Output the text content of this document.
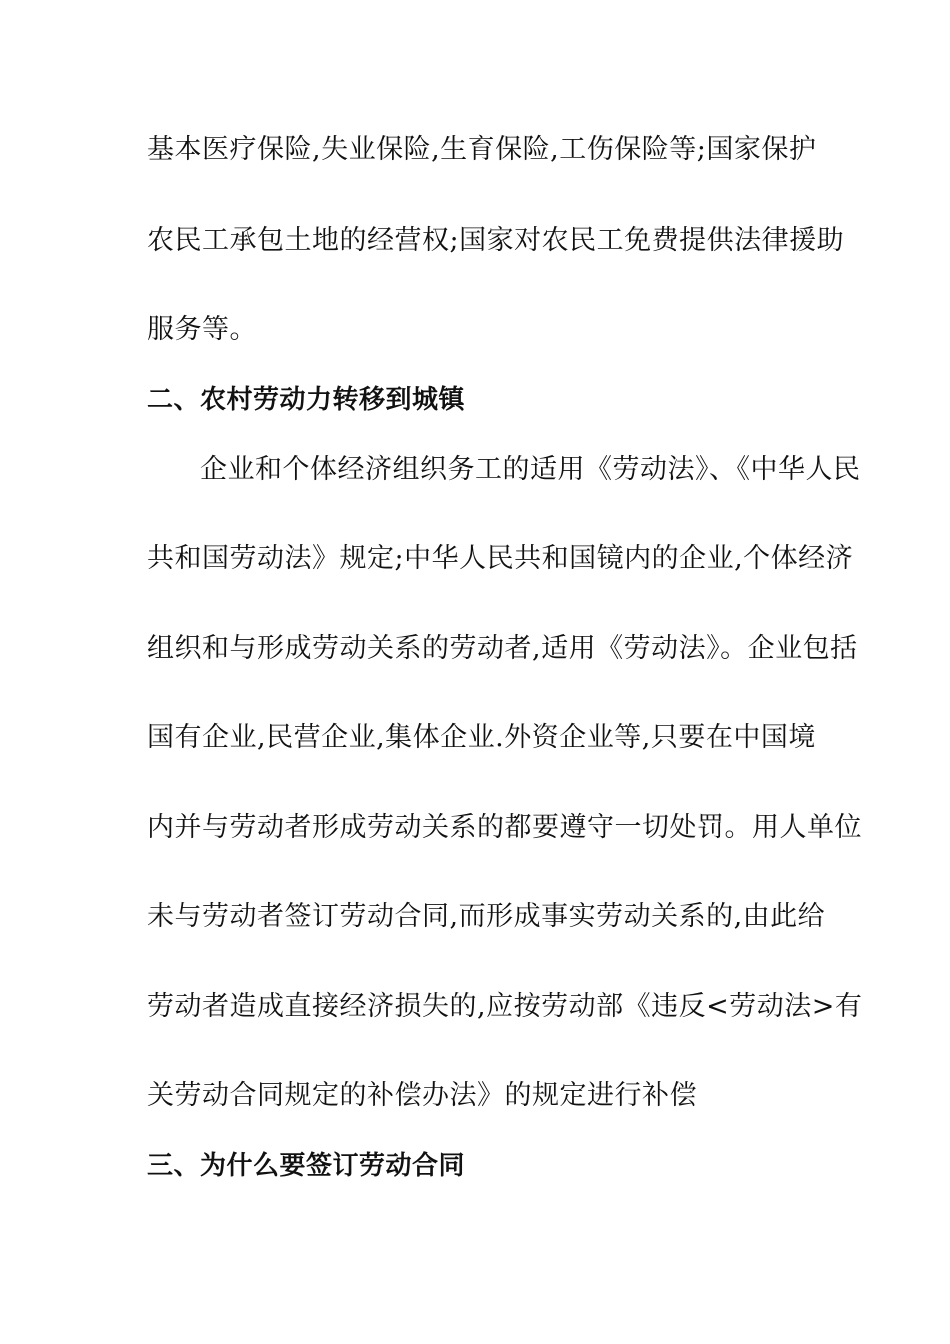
基本医疗保险,失业保险,生育保险,工伤保险等;国家保护
农民工承包土地的经营权;国家对农民工免费提供法律援助
服务等。
二、农村劳动力转移到城镇
企业和个体经济组织务工的适用《劳动法》、《中华人民
共和国劳动法》规定;中华人民共和国镜内的企业,个体经济
组织和与形成劳动关系的劳动者,适用《劳动法》。企业包括
国有企业,民营企业,集体企业.外资企业等,只要在中国境
内并与劳动者形成劳动关系的都要遵守一切处罚。用人单位
未与劳动者签订劳动合同,而形成事实劳动关系的,由此给
劳动者造成直接经济损失的,应按劳动部《违反<劳动法>有
关劳动合同规定的补偿办法》的规定进行补偿
三、为什么要签订劳动合同
